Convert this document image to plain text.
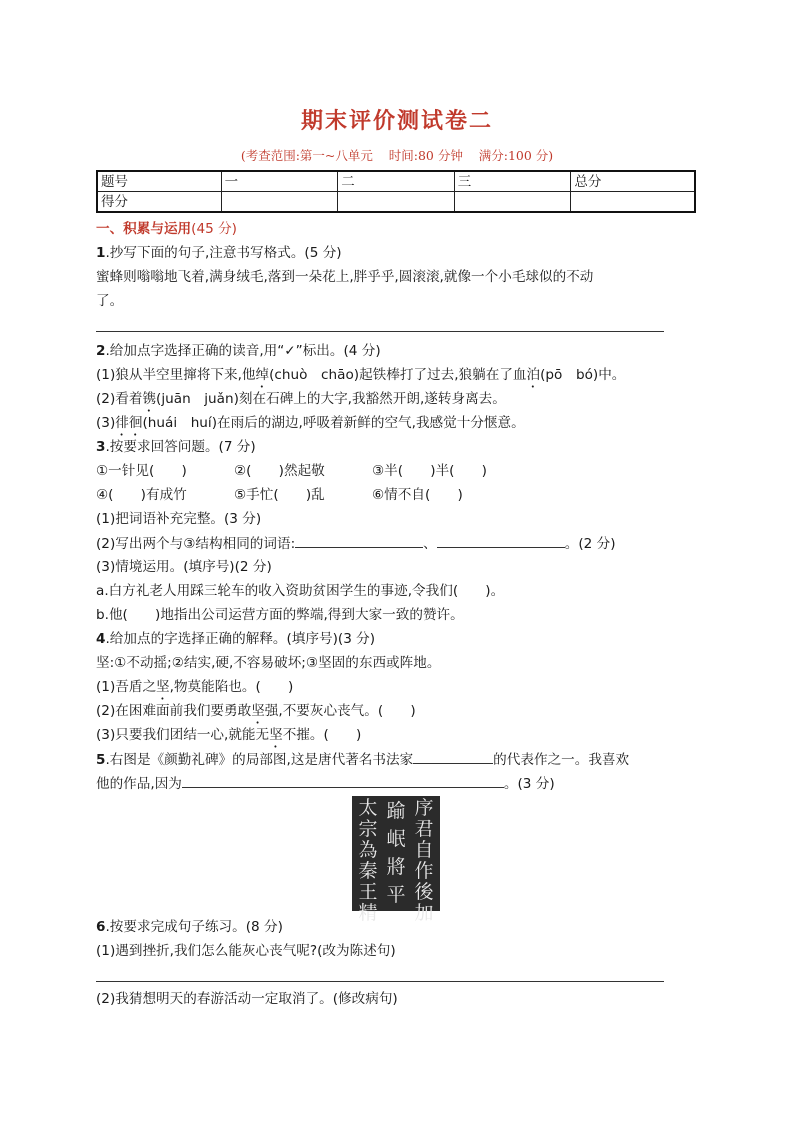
期末评价测试卷二
(考查范围:第一~八单元    时间:80 分钟    满分:100 分)
题号	一	二	三	总分
得分				
一、积累与运用(45 分)
1.抄写下面的句子,注意书写格式。(5 分)
蜜蜂则嗡嗡地飞着,满身绒毛,落到一朵花上,胖乎乎,圆滚滚,就像一个小毛球似的不动
了。
2.给加点字选择正确的读音,用“✓”标出。(4 分)
(1)狼从半空里撺将下来,他绰(chuò　chāo)起铁棒打了过去,狼躺在了血泊(pō　bó)中。
(2)看着镌(juān　juǎn)刻在石碑上的大字,我豁然开朗,遂转身离去。
(3)徘徊(huái　huí)在雨后的湖边,呼吸着新鲜的空气,我感觉十分惬意。
3.按要求回答问题。(7 分)
①一针见(　　)	②(　　)然起敬	③半(　　)半(　　)
④(　　)有成竹	⑤手忙(　　)乱	⑥情不自(　　)
(1)把词语补充完整。(3 分)
(2)写出两个与③结构相同的词语:	、	。(2 分)
(3)情境运用。(填序号)(2 分)
a.白方礼老人用踩三轮车的收入资助贫困学生的事迹,令我们(　　)。
b.他(　　)地指出公司运营方面的弊端,得到大家一致的赞许。
4.给加点的字选择正确的解释。(填序号)(3 分)
坚:①不动摇;②结实,硬,不容易破坏;③坚固的东西或阵地。
(1)吾盾之坚,物莫能陷也。(　　)
(2)在困难面前我们要勇敢坚强,不要灰心丧气。(　　)
(3)只要我们团结一心,就能无坚不摧。(　　)
5.右图是《颜勤礼碑》的局部图,这是唐代著名书法家	的代表作之一。我喜欢
他的作品,因为	。(3 分)
序
君
自
作
後
加
踰
岷
將
平
太
宗
為
秦
王
精
6.按要求完成句子练习。(8 分)
(1)遇到挫折,我们怎么能灰心丧气呢?(改为陈述句)
(2)我猜想明天的春游活动一定取消了。(修改病句)
